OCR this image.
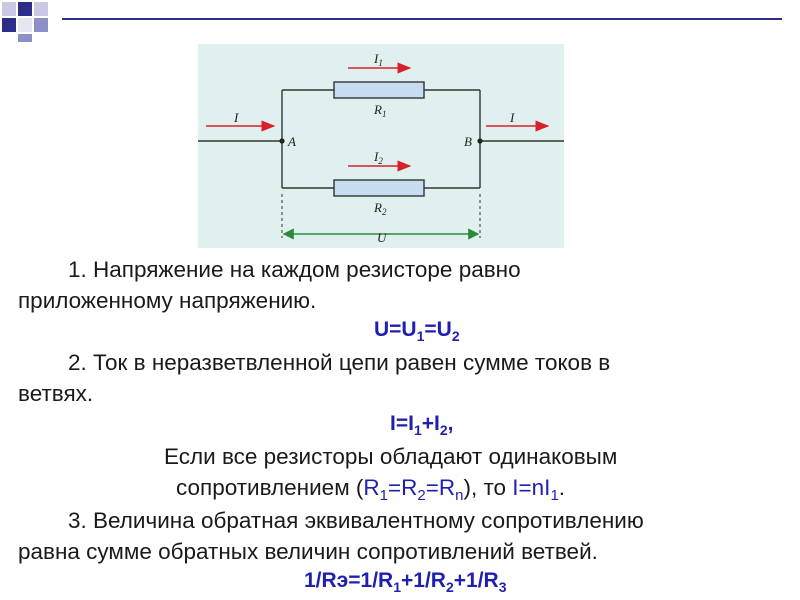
$I_1$
$R_1$
$I_2$
$R_2$
I	I
A	B
U
1. Напряжение на каждом резисторе равно
приложенному напряжению.
$U=U_1=U_2$
2. Ток в неразветвленной цепи равен сумме токов в
ветвях.
$I=I_1+I_2$,
Если все резисторы обладают одинаковым
сопротивлением $(R_1=R_2=R_n)$, то $I=nI_1$.
3. Величина обратная эквивалентному сопротивлению
равна сумме обратных величин сопротивлений ветвей.
$1/Rэ=1/R_1+1/R_2+1/R_3$
